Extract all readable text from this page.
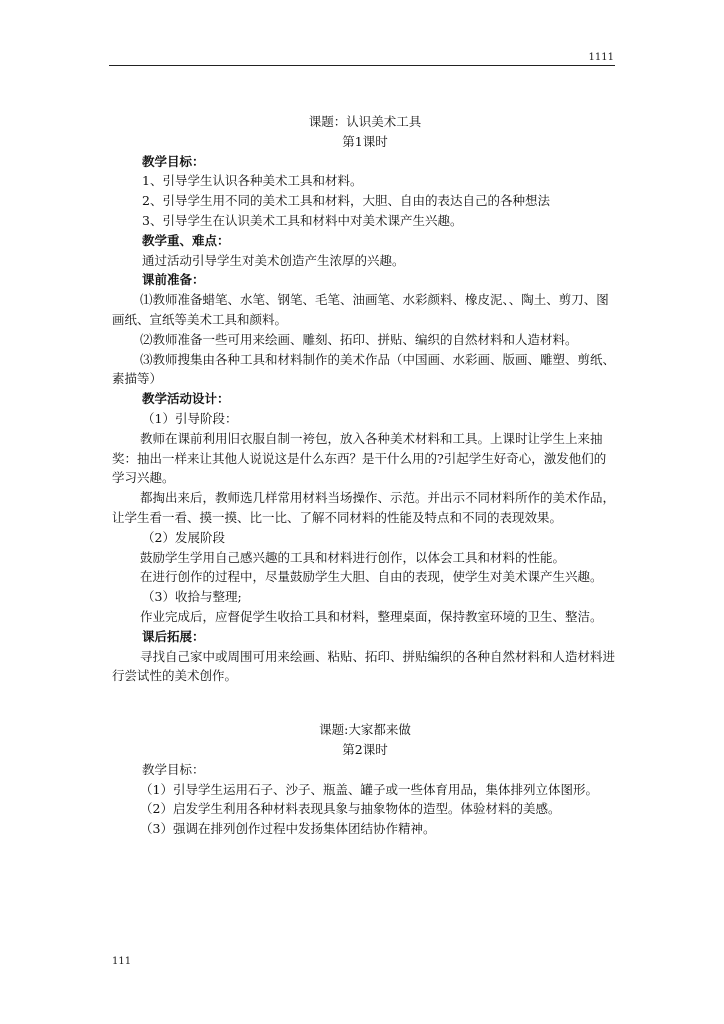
1111
课题：认识美术工具
第1课时
教学目标：
1、引导学生认识各种美术工具和材料。
2、引导学生用不同的美术工具和材料，大胆、自由的表达自己的各种想法
3、引导学生在认识美术工具和材料中对美术课产生兴趣。
教学重、难点：
通过活动引导学生对美术创造产生浓厚的兴趣。
课前准备：
⑴教师准备蜡笔、水笔、钢笔、毛笔、油画笔、水彩颜料、橡皮泥、、陶土、剪刀、图画纸、宣纸等美术工具和颜料。
⑵教师准备一些可用来绘画、雕刻、拓印、拼贴、编织的自然材料和人造材料。
⑶教师搜集由各种工具和材料制作的美术作品（中国画、水彩画、版画、雕塑、剪纸、素描等）
教学活动设计：
（1）引导阶段：
教师在课前利用旧衣服自制一袴包，放入各种美术材料和工具。上课时让学生上来抽奖：抽出一样来让其他人说说这是什么东西？是干什么用的?引起学生好奇心，激发他们的学习兴趣。
都掏出来后，教师选几样常用材料当场操作、示范。并出示不同材料所作的美术作品，让学生看一看、摸一摸、比一比、了解不同材料的性能及特点和不同的表现效果。
（2）发展阶段
鼓励学生学用自己感兴趣的工具和材料进行创作，以体会工具和材料的性能。
在进行创作的过程中，尽量鼓励学生大胆、自由的表现，使学生对美术课产生兴趣。
（3）收拾与整理;
作业完成后，应督促学生收拾工具和材料，整理桌面，保持教室环境的卫生、整洁。
课后拓展：
寻找自己家中或周围可用来绘画、粘贴、拓印、拼贴编织的各种自然材料和人造材料进行尝试性的美术创作。
课题:大家都来做
第2课时
教学目标：
（1）引导学生运用石子、沙子、瓶盖、罐子或一些体育用品，集体排列立体图形。
（2）启发学生利用各种材料表现具象与抽象物体的造型。体验材料的美感。
（3）强调在排列创作过程中发扬集体团结协作精神。
111
